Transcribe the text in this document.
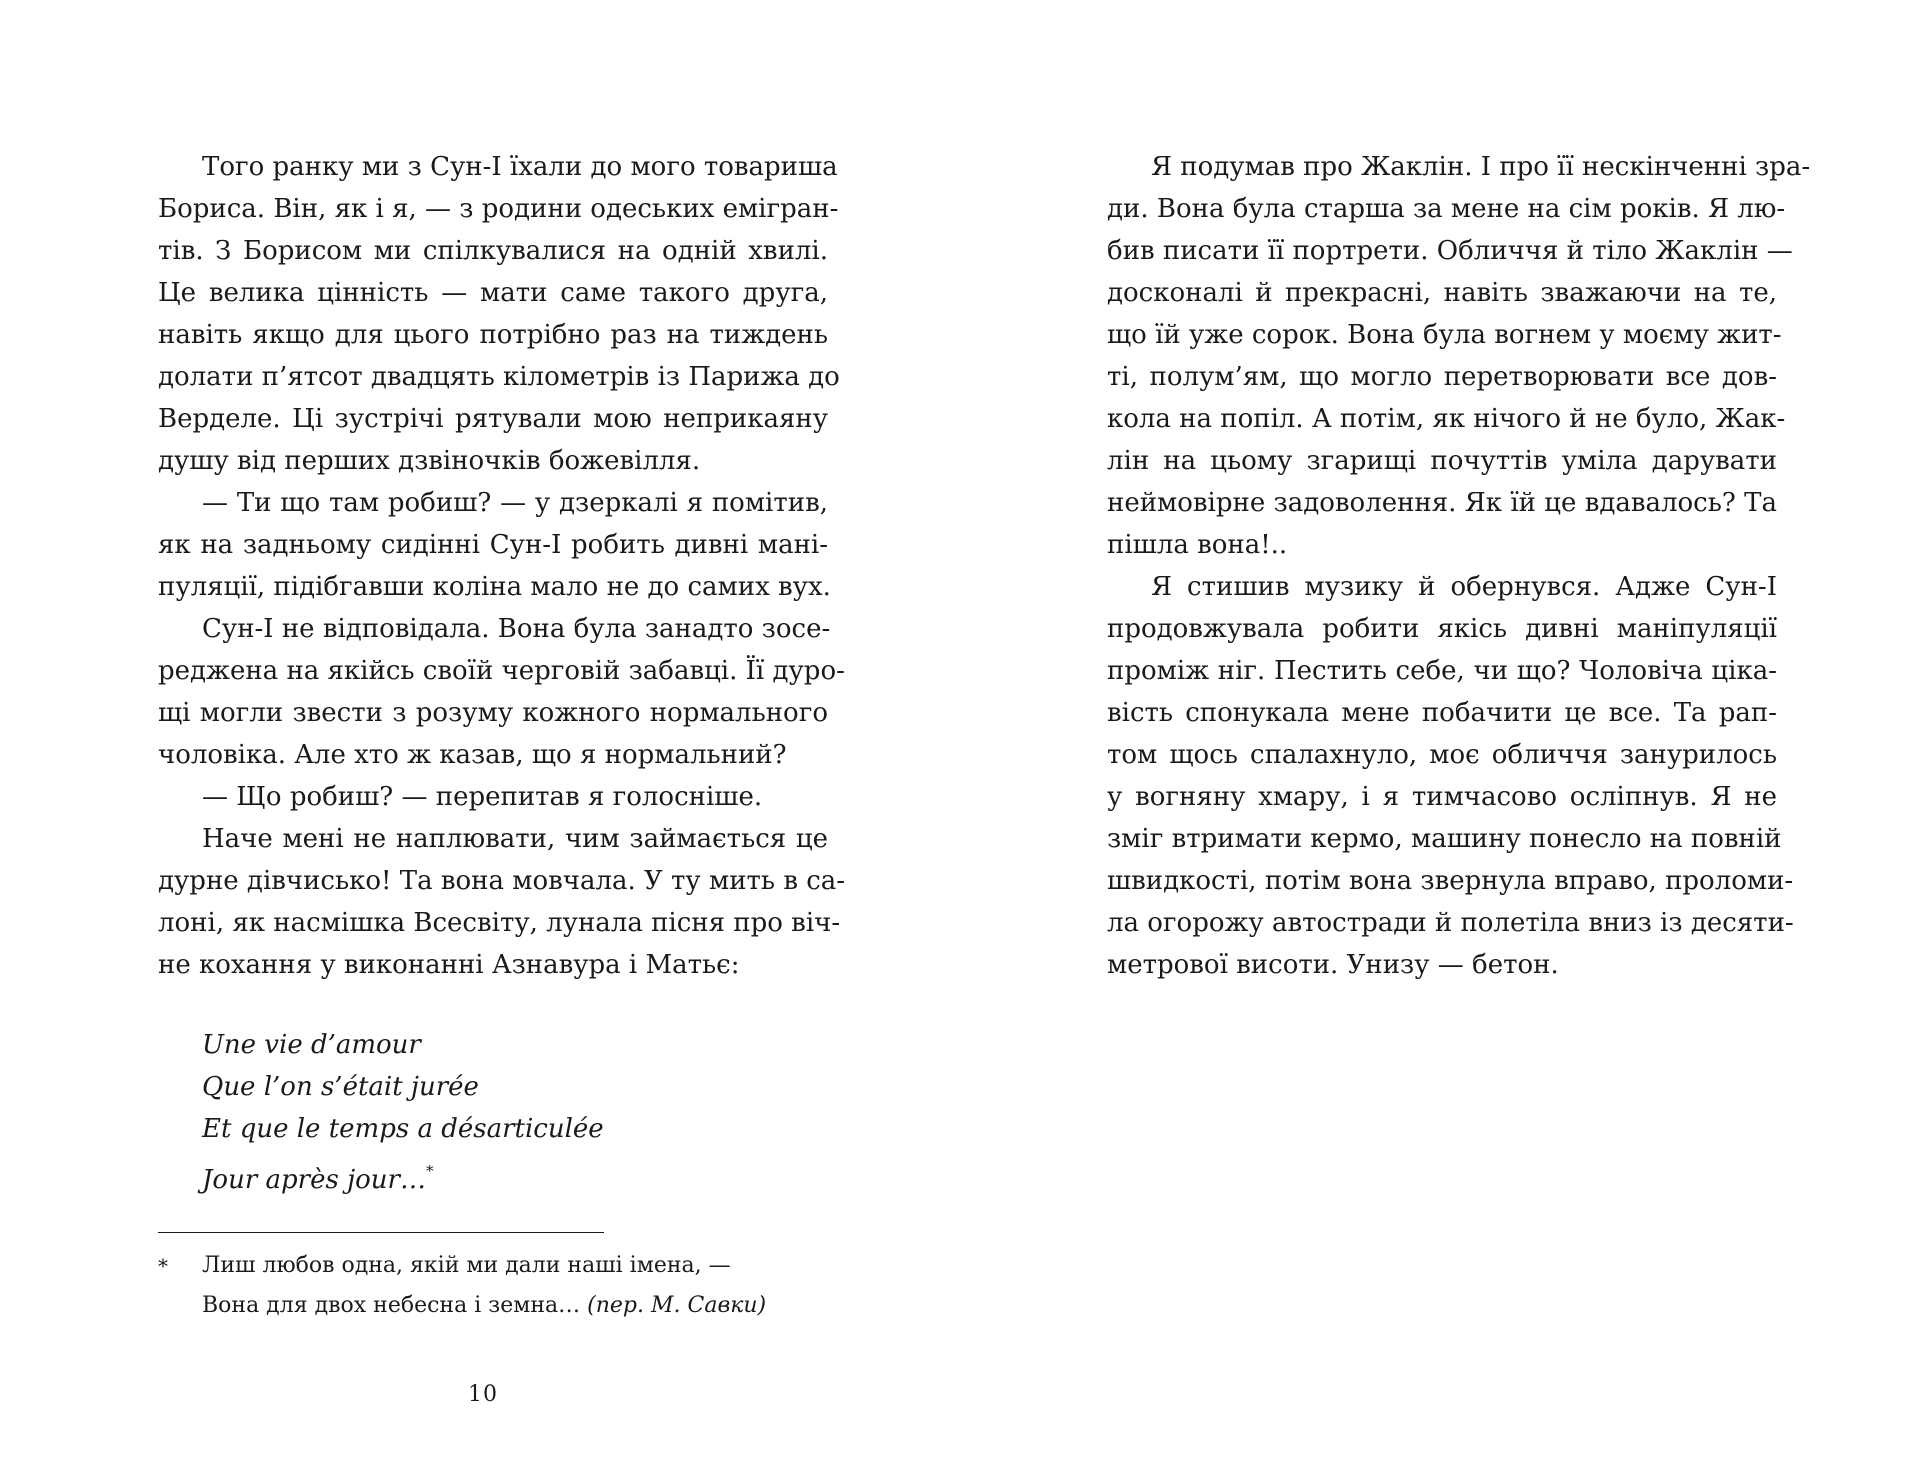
Того ранку ми з Сун-І їхали до мого товариша
Бориса. Він, як і я, — з родини одеських емігран-
тів. З Борисом ми спілкувалися на одній хвилі.
Це велика цінність — мати саме такого друга,
навіть якщо для цього потрібно раз на тиждень
долати п’ятсот двадцять кілометрів із Парижа до
Верделе. Ці зустрічі рятували мою неприкаяну
душу від перших дзвіночків божевілля.
— Ти що там робиш? — у дзеркалі я помітив,
як на задньому сидінні Сун-І робить дивні мані-
пуляції, підібгавши коліна мало не до самих вух.
Сун-І не відповідала. Вона була занадто зосе-
реджена на якійсь своїй черговій забавці. Її дуро-
щі могли звести з розуму кожного нормального
чоловіка. Але хто ж казав, що я нормальний?
— Що робиш? — перепитав я голосніше.
Наче мені не наплювати, чим займається це
дурне дівчисько! Та вона мовчала. У ту мить в са-
лоні, як насмішка Всесвіту, лунала пісня про віч-
не кохання у виконанні Азнавура і Матьє:
Une vie d’amour
Que l’on s’était jurée
Et que le temps a désarticulée
Jour après jour…*
* Лиш любов одна, якій ми дали наші імена, —
Вона для двох небесна і земна… (пер. М. Савки)
10
Я подумав про Жаклін. І про її нескінченні зра-
ди. Вона була старша за мене на сім років. Я лю-
бив писати її портрети. Обличчя й тіло Жаклін —
досконалі й прекрасні, навіть зважаючи на те,
що їй уже сорок. Вона була вогнем у моєму жит-
ті, полум’ям, що могло перетворювати все дов-
кола на попіл. А потім, як нічого й не було, Жак-
лін на цьому згарищі почуттів уміла дарувати
неймовірне задоволення. Як їй це вдавалось? Та
пішла вона!..
Я стишив музику й обернувся. Адже Сун-І
продовжувала робити якісь дивні маніпуляції
проміж ніг. Пестить себе, чи що? Чоловіча ціка-
вість спонукала мене побачити це все. Та рап-
том щось спалахнуло, моє обличчя занурилось
у вогняну хмару, і я тимчасово осліпнув. Я не
зміг втримати кермо, машину понесло на повній
швидкості, потім вона звернула вправо, проломи-
ла огорожу автостради й полетіла вниз із десяти-
метрової висоти. Унизу — бетон.
